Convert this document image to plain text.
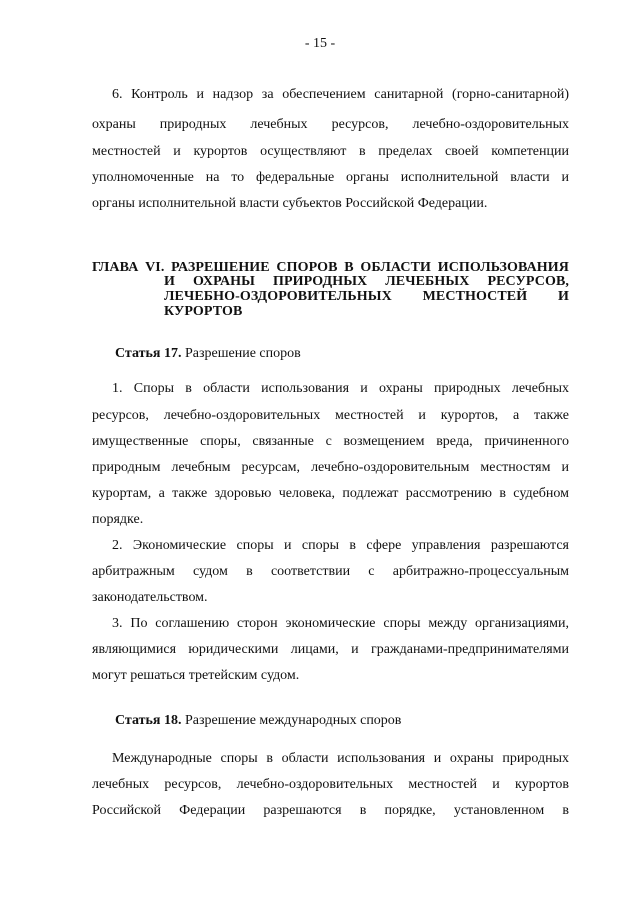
- 15 -
6. Контроль и надзор за обеспечением санитарной (горно-санитарной)
охраны природных лечебных ресурсов, лечебно-оздоровительных
местностей и курортов осуществляют в пределах своей компетенции
уполномоченные на то федеральные органы исполнительной власти и
органы исполнительной власти субъектов Российской Федерации.
ГЛАВА VI. РАЗРЕШЕНИЕ СПОРОВ В ОБЛАСТИ ИСПОЛЬЗОВАНИЯ
И ОХРАНЫ ПРИРОДНЫХ ЛЕЧЕБНЫХ РЕСУРСОВ,
ЛЕЧЕБНО-ОЗДОРОВИТЕЛЬНЫХ МЕСТНОСТЕЙ И
КУРОРТОВ
Статья 17. Разрешение споров
1. Споры в области использования и охраны природных лечебных
ресурсов, лечебно-оздоровительных местностей и курортов, а также
имущественные споры, связанные с возмещением вреда, причиненного
природным лечебным ресурсам, лечебно-оздоровительным местностям и
курортам, а также здоровью человека, подлежат рассмотрению в судебном
порядке.
2. Экономические споры и споры в сфере управления разрешаются
арбитражным судом в соответствии с арбитражно-процессуальным
законодательством.
3. По соглашению сторон экономические споры между организациями,
являющимися юридическими лицами, и гражданами-предпринимателями
могут решаться третейским судом.
Статья 18. Разрешение международных споров
Международные споры в области использования и охраны природных
лечебных ресурсов, лечебно-оздоровительных местностей и курортов
Российской Федерации разрешаются в порядке, установленном в
